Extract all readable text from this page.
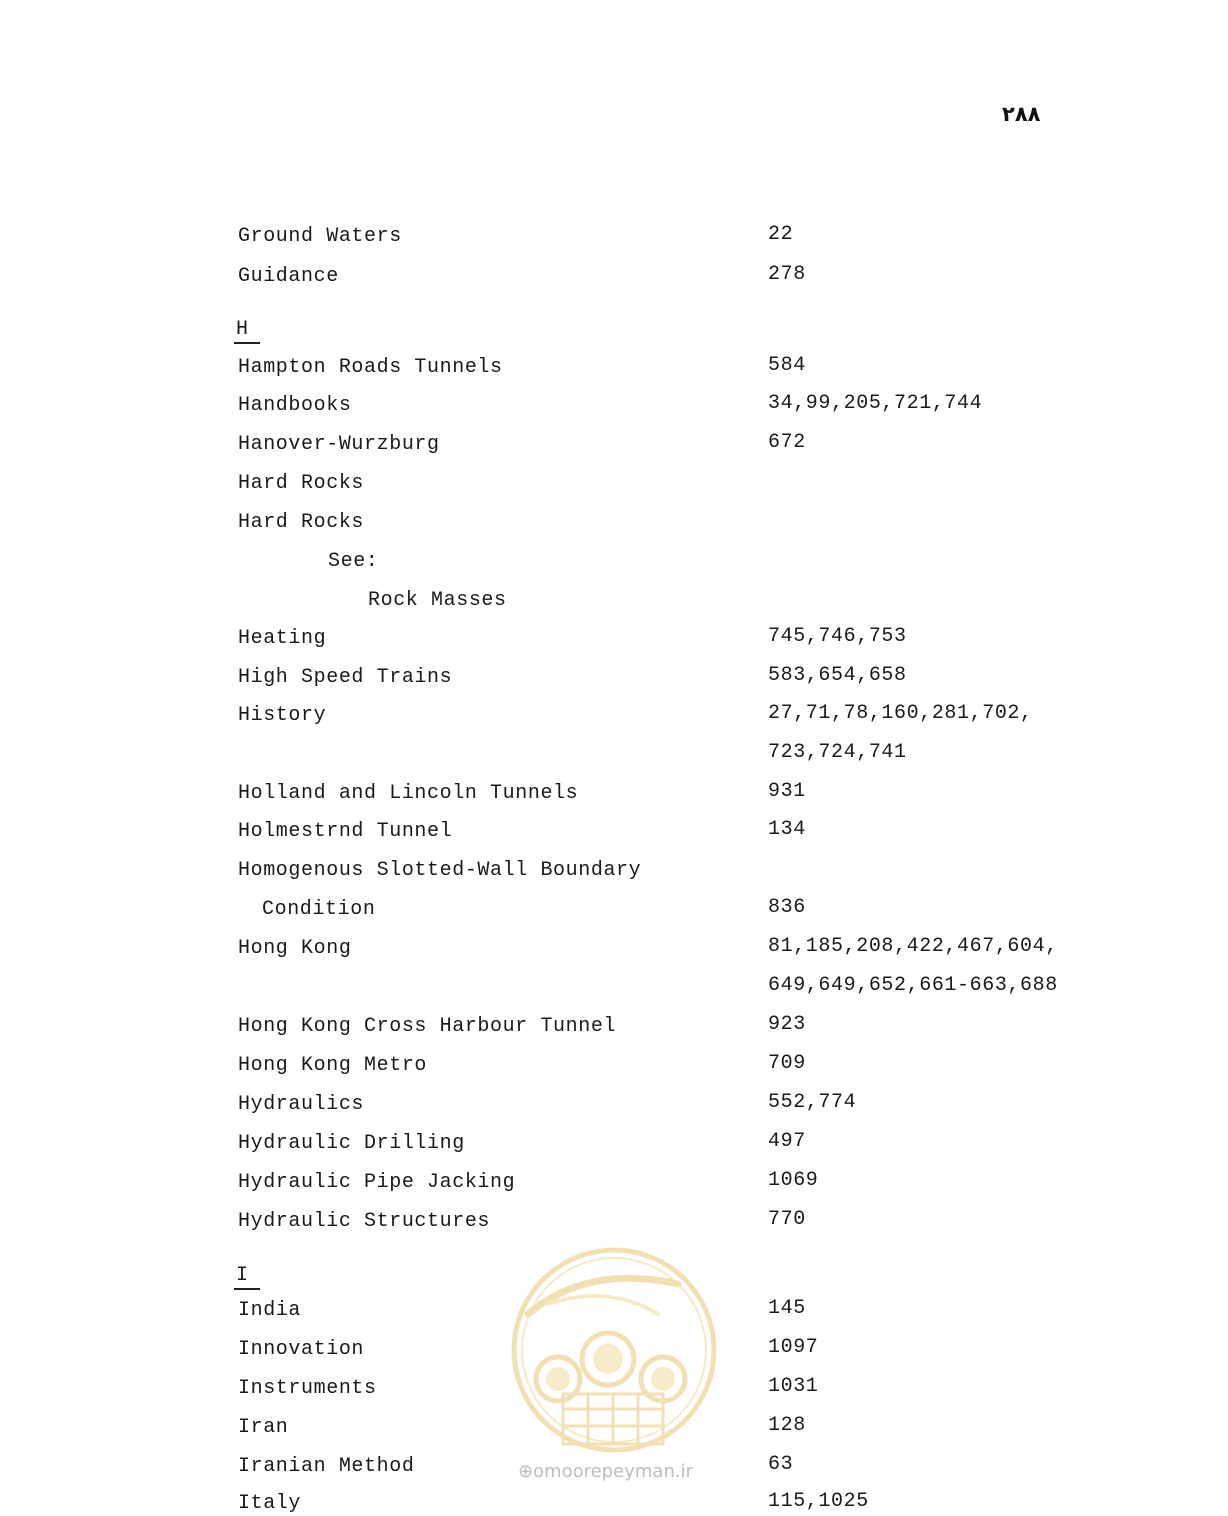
۲۸۸
⊕omoorepeyman.ir
Ground Waters	22
Guidance	278
H
Hampton Roads Tunnels	584
Handbooks	34,99,205,721,744
Hanover-Wurzburg	672
Hard Rocks
Hard Rocks
See:
Rock Masses
Heating	745,746,753
High Speed Trains	583,654,658
History	27,71,78,160,281,702,
723,724,741
Holland and Lincoln Tunnels	931
Holmestrnd Tunnel	134
Homogenous Slotted-Wall Boundary
Condition	836
Hong Kong	81,185,208,422,467,604,
649,649,652,661-663,688
Hong Kong Cross Harbour Tunnel	923
Hong Kong Metro	709
Hydraulics	552,774
Hydraulic Drilling	497
Hydraulic Pipe Jacking	1069
Hydraulic Structures	770
I
India	145
Innovation	1097
Instruments	1031
Iran	128
Iranian Method	63
Italy	115,1025
